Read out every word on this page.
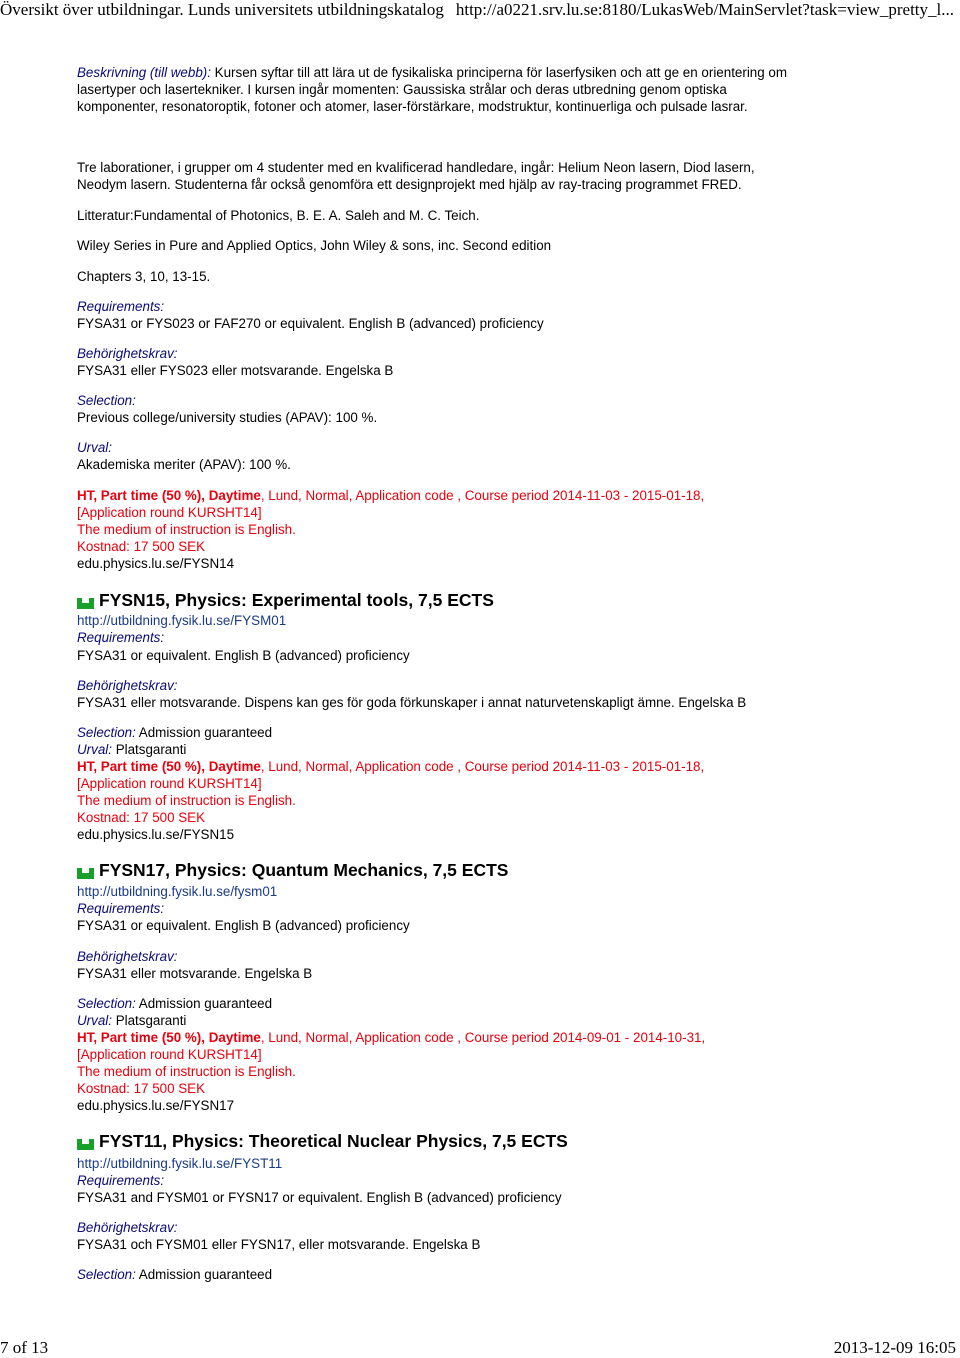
Översikt över utbildningar. Lunds universitets utbildningskatalog http://a0221.srv.lu.se:8180/LukasWeb/MainServlet?task=view_pretty_l...
Beskrivning (till webb): Kursen syftar till att lära ut de fysikaliska principerna för laserfysiken och att ge en orientering om lasertyper och lasertekniker. I kursen ingår momenten: Gaussiska strålar och deras utbredning genom optiska komponenter, resonatoroptik, fotoner och atomer, laser-förstärkare, modstruktur, kontinuerliga och pulsade lasrar.
Tre laborationer, i grupper om 4 studenter med en kvalificerad handledare, ingår: Helium Neon lasern, Diod lasern, Neodym lasern. Studenterna får också genomföra ett designprojekt med hjälp av ray-tracing programmet FRED.
Litteratur:Fundamental of Photonics, B. E. A. Saleh and M. C. Teich.
Wiley Series in Pure and Applied Optics, John Wiley & sons, inc. Second edition
Chapters 3, 10, 13-15.
Requirements:
FYSA31 or FYS023 or FAF270 or equivalent. English B (advanced) proficiency
Behörighetskrav:
FYSA31 eller FYS023 eller motsvarande. Engelska B
Selection:
Previous college/university studies (APAV): 100 %.
Urval:
Akademiska meriter (APAV): 100 %.
HT, Part time (50 %), Daytime, Lund, Normal, Application code , Course period 2014-11-03 - 2015-01-18,
[Application round KURSHT14]
The medium of instruction is English.
Kostnad: 17 500 SEK
edu.physics.lu.se/FYSN14
FYSN15, Physics: Experimental tools, 7,5 ECTS
http://utbildning.fysik.lu.se/FYSM01
Requirements:
FYSA31 or equivalent. English B (advanced) proficiency
Behörighetskrav:
FYSA31 eller motsvarande. Dispens kan ges för goda förkunskaper i annat naturvetenskapligt ämne. Engelska B
Selection: Admission guaranteed
Urval: Platsgaranti
HT, Part time (50 %), Daytime, Lund, Normal, Application code , Course period 2014-11-03 - 2015-01-18,
[Application round KURSHT14]
The medium of instruction is English.
Kostnad: 17 500 SEK
edu.physics.lu.se/FYSN15
FYSN17, Physics: Quantum Mechanics, 7,5 ECTS
http://utbildning.fysik.lu.se/fysm01
Requirements:
FYSA31 or equivalent. English B (advanced) proficiency
Behörighetskrav:
FYSA31 eller motsvarande. Engelska B
Selection: Admission guaranteed
Urval: Platsgaranti
HT, Part time (50 %), Daytime, Lund, Normal, Application code , Course period 2014-09-01 - 2014-10-31,
[Application round KURSHT14]
The medium of instruction is English.
Kostnad: 17 500 SEK
edu.physics.lu.se/FYSN17
FYST11, Physics: Theoretical Nuclear Physics, 7,5 ECTS
http://utbildning.fysik.lu.se/FYST11
Requirements:
FYSA31 and FYSM01 or FYSN17 or equivalent. English B (advanced) proficiency
Behörighetskrav:
FYSA31 och FYSM01 eller FYSN17, eller motsvarande. Engelska B
Selection: Admission guaranteed
7 of 13	2013-12-09 16:05
